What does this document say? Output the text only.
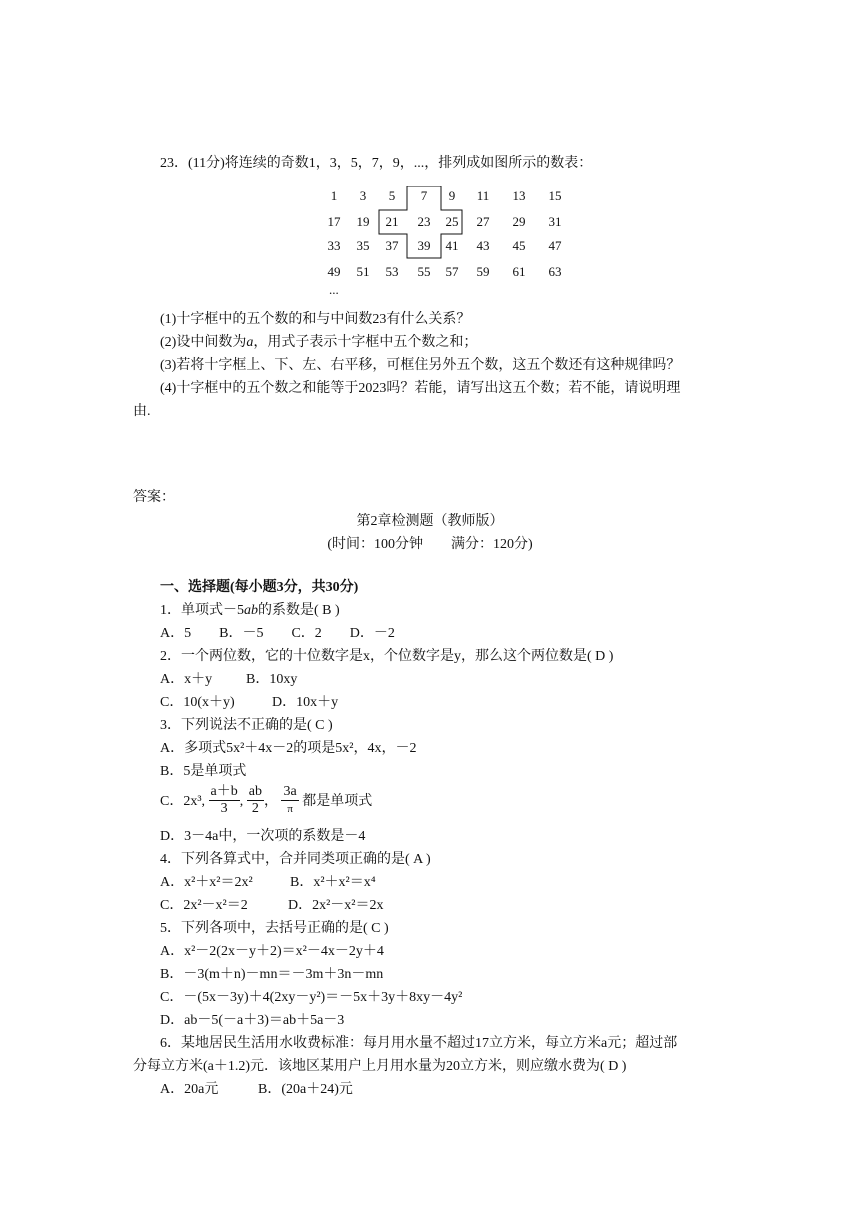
23．(11分)将连续的奇数1，3，5，7，9，...，排列成如图所示的数表：
1	3	5	7	9	11	13	15
17	19	21	23	25	27	29	31
33	35	37	39	41	43	45	47
49	51	53	55	57	59	61	63
...
(1)十字框中的五个数的和与中间数23有什么关系？
(2)设中间数为a，用式子表示十字框中五个数之和；
(3)若将十字框上、下、左、右平移，可框住另外五个数，这五个数还有这种规律吗？
(4)十字框中的五个数之和能等于2023吗？若能，请写出这五个数；若不能，请说明理
由.
答案：
第2章检测题（教师版）
(时间：100分钟　　满分：120分)
一、选择题(每小题3分，共30分)
1．单项式－5ab的系数是( B )
A．5　　B．－5　　C．2　　D．－2
2．一个两位数，它的十位数字是x，个位数字是y，那么这个两位数是( D )
A．x＋y B．10xy
C．10(x＋y)	D．10x＋y
3．下列说法不正确的是( C )
A．多项式5x²＋4x－2的项是5x²，4x，－2
B．5是单项式
C．2x³, $\frac{a+b}{3}$ , $\frac{ab}{2}$ ， $\frac{3a}{\pi}$ 都是单项式
D．3－4a中，一次项的系数是－4
4．下列各算式中，合并同类项正确的是( A )
A．x²＋x²＝2x²	B．x²＋x²＝x⁴
C．2x²－x²＝2	D．2x²－x²＝2x
5．下列各项中，去括号正确的是( C )
A．x²－2(2x－y＋2)＝x²－4x－2y＋4
B．－3(m＋n)－mn＝－3m＋3n－mn
C．－(5x－3y)＋4(2xy－y²)＝－5x＋3y＋8xy－4y²
D．ab－5(－a＋3)＝ab＋5a－3
6．某地居民生活用水收费标准：每月用水量不超过17立方米，每立方米a元；超过部
分每立方米(a＋1.2)元．该地区某用户上月用水量为20立方米，则应缴水费为( D )
A．20a元	B．(20a＋24)元
